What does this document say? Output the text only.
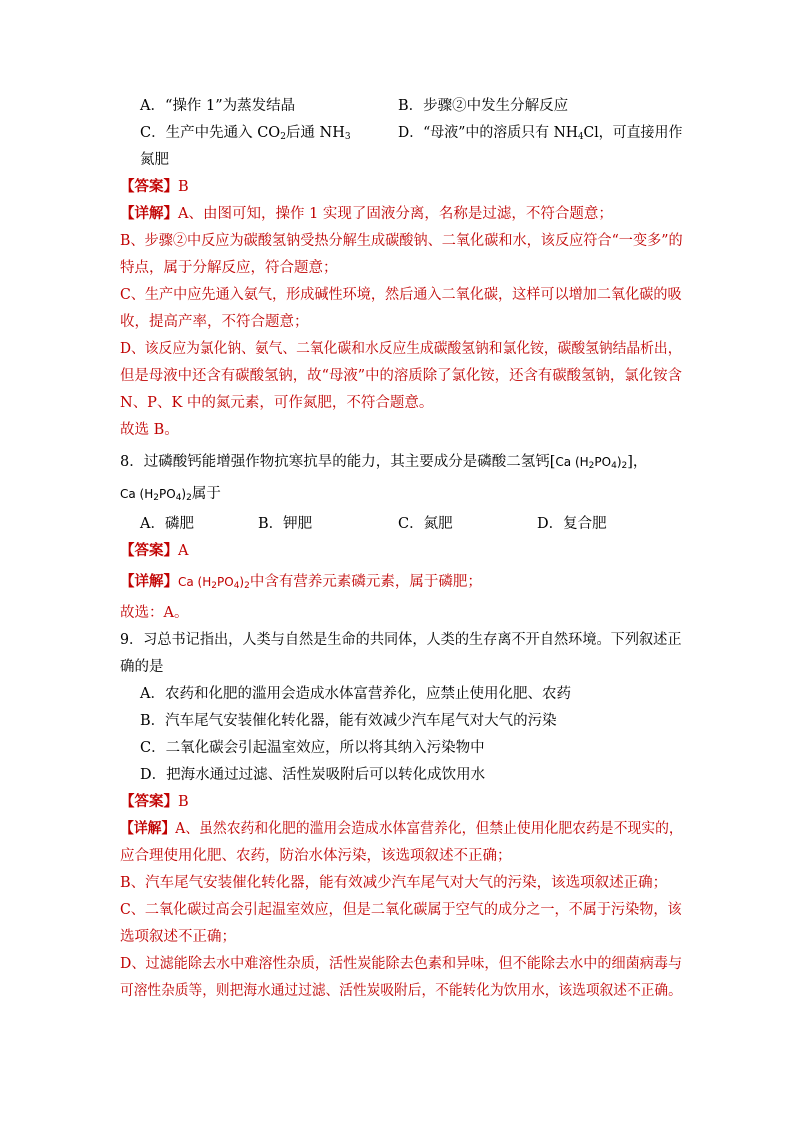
A．“操作 1”为蒸发结晶	B．步骤②中发生分解反应
C．生产中先通入 $CO_2$后通 $NH_3$	D．“母液”中的溶质只有 $NH_4Cl$，可直接用作
氮肥
【答案】B
【详解】A、由图可知，操作 1 实现了固液分离，名称是过滤，不符合题意；
B、步骤②中反应为碳酸氢钠受热分解生成碳酸钠、二氧化碳和水，该反应符合“一变多”的
特点，属于分解反应，符合题意；
C、生产中应先通入氨气，形成碱性环境，然后通入二氧化碳，这样可以增加二氧化碳的吸
收，提高产率，不符合题意；
D、该反应为氯化钠、氨气、二氧化碳和水反应生成碳酸氢钠和氯化铵，碳酸氢钠结晶析出，
但是母液中还含有碳酸氢钠，故“母液”中的溶质除了氯化铵，还含有碳酸氢钠，氯化铵含
N、P、K 中的氮元素，可作氮肥，不符合题意。
故选 B。
8．过磷酸钙能增强作物抗寒抗旱的能力，其主要成分是磷酸二氢钙[Ca $(H_2PO_4)_2$]，
Ca $(H_2PO_4)_2$属于
A．磷肥	B．钾肥	C．氮肥	D．复合肥
【答案】A
【详解】Ca $(H_2PO_4)_2$中含有营养元素磷元素，属于磷肥；
故选：A。
9．习总书记指出，人类与自然是生命的共同体，人类的生存离不开自然环境。下列叙述正
确的是
A．农药和化肥的滥用会造成水体富营养化，应禁止使用化肥、农药
B．汽车尾气安装催化转化器，能有效减少汽车尾气对大气的污染
C．二氧化碳会引起温室效应，所以将其纳入污染物中
D．把海水通过过滤、活性炭吸附后可以转化成饮用水
【答案】B
【详解】A、虽然农药和化肥的滥用会造成水体富营养化，但禁止使用化肥农药是不现实的，
应合理使用化肥、农药，防治水体污染，该选项叙述不正确；
B、汽车尾气安装催化转化器，能有效减少汽车尾气对大气的污染，该选项叙述正确；
C、二氧化碳过高会引起温室效应，但是二氧化碳属于空气的成分之一，不属于污染物，该
选项叙述不正确；
D、过滤能除去水中难溶性杂质，活性炭能除去色素和异味，但不能除去水中的细菌病毒与
可溶性杂质等，则把海水通过过滤、活性炭吸附后，不能转化为饮用水，该选项叙述不正确。
